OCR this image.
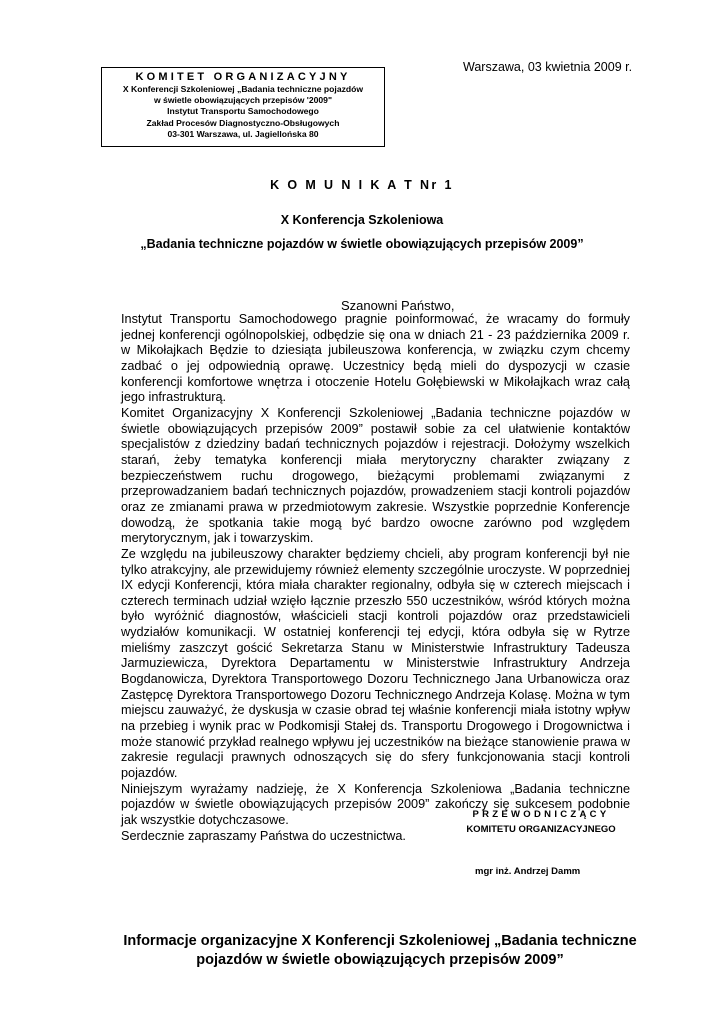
Warszawa, 03 kwietnia 2009 r.
KOMITET ORGANIZACYJNY
X Konferencji Szkoleniowej „Badania techniczne pojazdów
w świetle obowiązujących przepisów '2009"
Instytut Transportu Samochodowego
Zakład Procesów Diagnostyczno-Obsługowych
03-301 Warszawa, ul. Jagiellońska 80
K O M U N I K A T Nr 1
X Konferencja Szkoleniowa
„Badania techniczne pojazdów w świetle obowiązujących przepisów 2009”
Szanowni Państwo,

Instytut Transportu Samochodowego pragnie poinformować, że wracamy do formuły jednej konferencji ogólnopolskiej, odbędzie się ona w dniach 21 - 23 października 2009 r. w Mikołajkach Będzie to dziesiąta jubileuszowa konferencja, w związku czym chcemy zadbać o jej odpowiednią oprawę. Uczestnicy będą mieli do dyspozycji w czasie konferencji komfortowe wnętrza i otoczenie Hotelu Gołębiewski w Mikołajkach wraz całą jego infrastrukturą.

Komitet Organizacyjny X Konferencji Szkoleniowej „Badania techniczne pojazdów w świetle obowiązujących przepisów 2009” postawił sobie za cel ułatwienie kontaktów specjalistów z dziedziny badań technicznych pojazdów i rejestracji. Dołożymy wszelkich starań, żeby tematyka konferencji miała merytoryczny charakter związany z bezpieczeństwem ruchu drogowego, bieżącymi problemami związanymi z przeprowadzaniem badań technicznych pojazdów, prowadzeniem stacji kontroli pojazdów oraz ze zmianami prawa w przedmiotowym zakresie. Wszystkie poprzednie Konferencje dowodzą, że spotkania takie mogą być bardzo owocne zarówno pod względem merytorycznym, jak i towarzyskim.

Ze względu na jubileuszowy charakter będziemy chcieli, aby program konferencji był nie tylko atrakcyjny, ale przewidujemy również elementy szczególnie uroczyste. W poprzedniej IX edycji Konferencji, która miała charakter regionalny, odbyła się w czterech miejscach i czterech terminach udział wzięło łącznie przeszło 550 uczestników, wśród których można było wyróżnić diagnostów, właścicieli stacji kontroli pojazdów oraz przedstawicieli wydziałów komunikacji. W ostatniej konferencji tej edycji, która odbyła się w Rytrze mieliśmy zaszczyt gościć Sekretarza Stanu w Ministerstwie Infrastruktury Tadeusza Jarmuziewicza, Dyrektora Departamentu w Ministerstwie Infrastruktury Andrzeja Bogdanowicza, Dyrektora Transportowego Dozoru Technicznego Jana Urbanowicza oraz Zastępcę Dyrektora Transportowego Dozoru Technicznego Andrzeja Kolasę. Można w tym miejscu zauważyć, że dyskusja w czasie obrad tej właśnie konferencji miała istotny wpływ na przebieg i wynik prac w Podkomisji Stałej ds. Transportu Drogowego i Drogownictwa i może stanowić przykład realnego wpływu jej uczestników na bieżące stanowienie prawa w zakresie regulacji prawnych odnoszących się do sfery funkcjonowania stacji kontroli pojazdów.

Niniejszym wyrażamy nadzieję, że X Konferencja Szkoleniowa „Badania techniczne pojazdów w świetle obowiązujących przepisów 2009” zakończy się sukcesem podobnie jak wszystkie dotychczasowe.

Serdecznie zapraszamy Państwa do uczestnictwa.

PRZEWODNICZĄCY
KOMITETU ORGANIZACYJNEGO
mgr inż. Andrzej Damm
Informacje organizacyjne X Konferencji Szkoleniowej „Badania techniczne pojazdów w świetle obowiązujących przepisów 2009”
